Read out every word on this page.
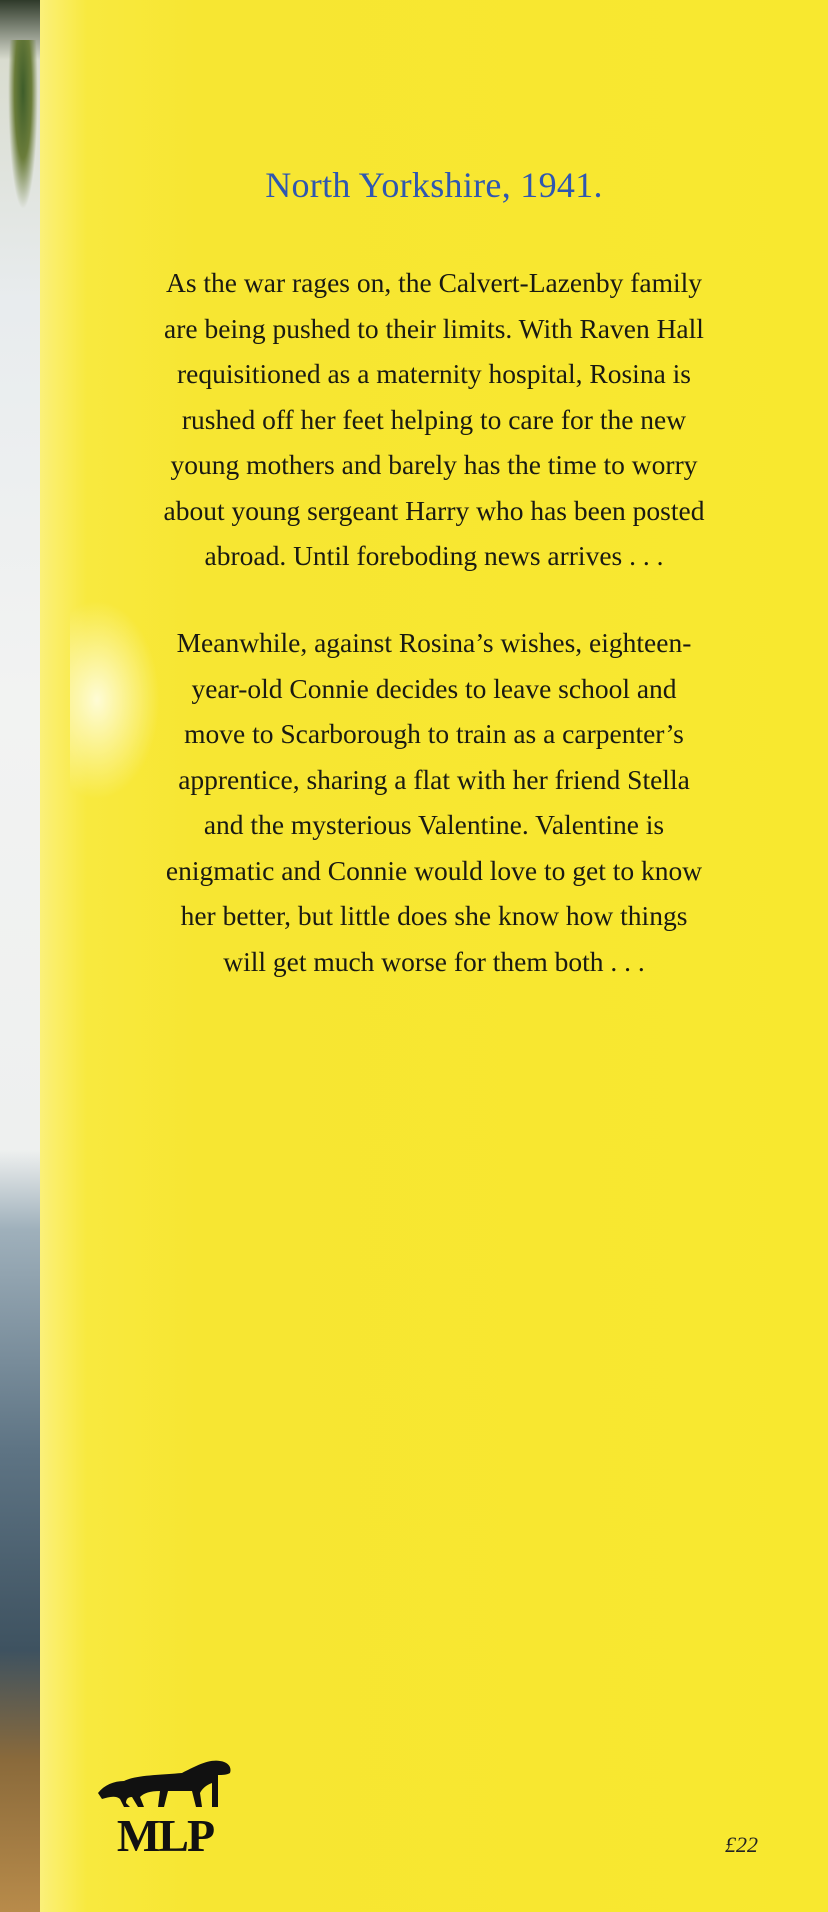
North Yorkshire, 1941.

As the war rages on, the Calvert-Lazenby family

are being pushed to their limits. With Raven Hall

requisitioned as a maternity hospital, Rosina is

rushed off her feet helping to care for the new

young mothers and barely has the time to worry

about young sergeant Harry who has been posted

abroad. Until foreboding news arrives . . .

Meanwhile, against Rosina’s wishes, eighteen-

year-old Connie decides to leave school and

move to Scarborough to train as a carpenter’s

apprentice, sharing a flat with her friend Stella

and the mysterious Valentine. Valentine is

enigmatic and Connie would love to get to know

her better, but little does she know how things

will get much worse for them both . . .

MLP	£22
